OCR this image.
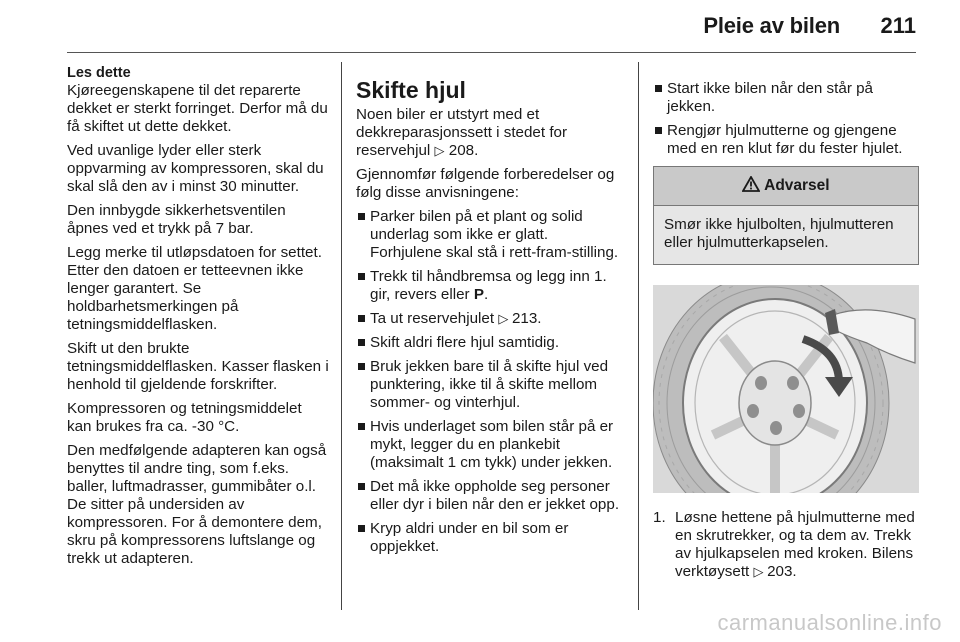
Pleie av bilen 211

Les dette

Kjøreegenskapene til det reparerte dekket er sterkt forringet. Derfor må du få skiftet ut dette dekket.

Ved uvanlige lyder eller sterk oppvarming av kompressoren, skal du skal slå den av i minst 30 minutter.

Den innbygde sikkerhetsventilen åpnes ved et trykk på 7 bar.

Legg merke til utløpsdatoen for settet. Etter den datoen er tetteevnen ikke lenger garantert. Se holdbarhetsmerkingen på tetningsmiddelflasken.

Skift ut den brukte tetningsmiddelflasken. Kasser flasken i henhold til gjeldende forskrifter.

Kompressoren og tetningsmiddelet kan brukes fra ca. -30 °C.

Den medfølgende adapteren kan også benyttes til andre ting, som f.eks. baller, luftmadrasser, gummibåter o.l. De sitter på undersiden av kompressoren. For å demontere dem, skru på kompressorens luftslange og trekk ut adapteren.

Skifte hjul

Noen biler er utstyrt med et dekkreparasjonssett i stedet for reservehjul ▷ 208.

Gjennomfør følgende forberedelser og følg disse anvisningene:

Parker bilen på et plant og solid underlag som ikke er glatt. Forhjulene skal stå i rett-fram-stilling.
Trekk til håndbremsa og legg inn 1. gir, revers eller P.
Ta ut reservehjulet ▷ 213.
Skift aldri flere hjul samtidig.
Bruk jekken bare til å skifte hjul ved punktering, ikke til å skifte mellom sommer- og vinterhjul.
Hvis underlaget som bilen står på er mykt, legger du en plankebit (maksimalt 1 cm tykk) under jekken.
Det må ikke oppholde seg personer eller dyr i bilen når den er jekket opp.
Kryp aldri under en bil som er oppjekket.
Start ikke bilen når den står på jekken.
Rengjør hjulmutterne og gjengene med en ren klut før du fester hjulet.
Advarsel
Smør ikke hjulbolten, hjulmutteren eller hjulmutterkapselen.
1. Løsne hettene på hjulmutterne med en skrutrekker, og ta dem av. Trekk av hjulkapselen med kroken. Bilens verktøysett ▷ 203.
carmanualsonline.info
